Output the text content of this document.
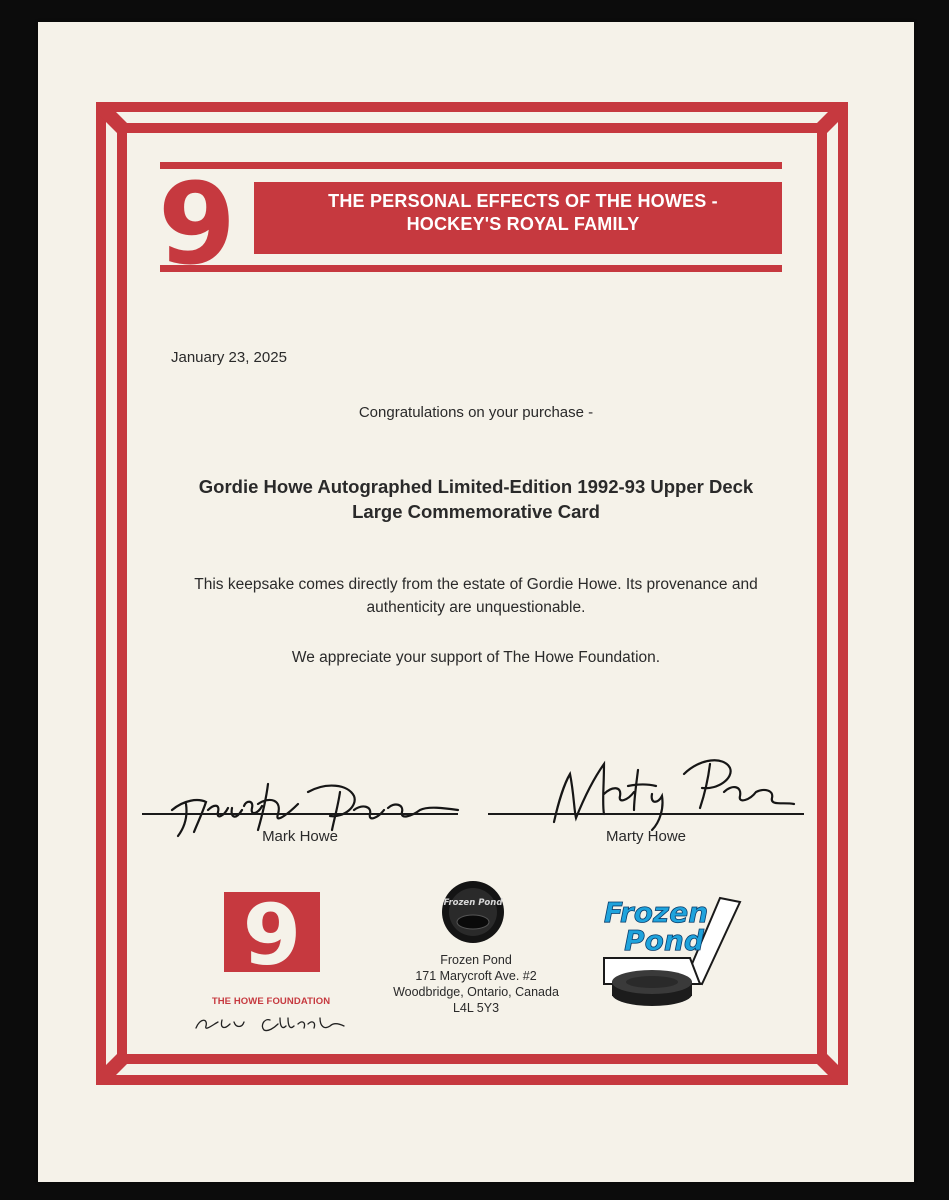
9	THE PERSONAL EFFECTS OF THE HOWES -
HOCKEY'S ROYAL FAMILY
January 23, 2025
Congratulations on your purchase -
Gordie Howe Autographed Limited-Edition 1992-93 Upper Deck
Large Commemorative Card
This keepsake comes directly from the estate of Gordie Howe. Its provenance and
authenticity are unquestionable.
We appreciate your support of The Howe Foundation.
Mark Howe	Marty Howe
9
THE HOWE FOUNDATION
Frozen Pond
Frozen Pond
171 Marycroft Ave. #2
Woodbridge, Ontario, Canada
L4L 5Y3
Frozen
Pond
